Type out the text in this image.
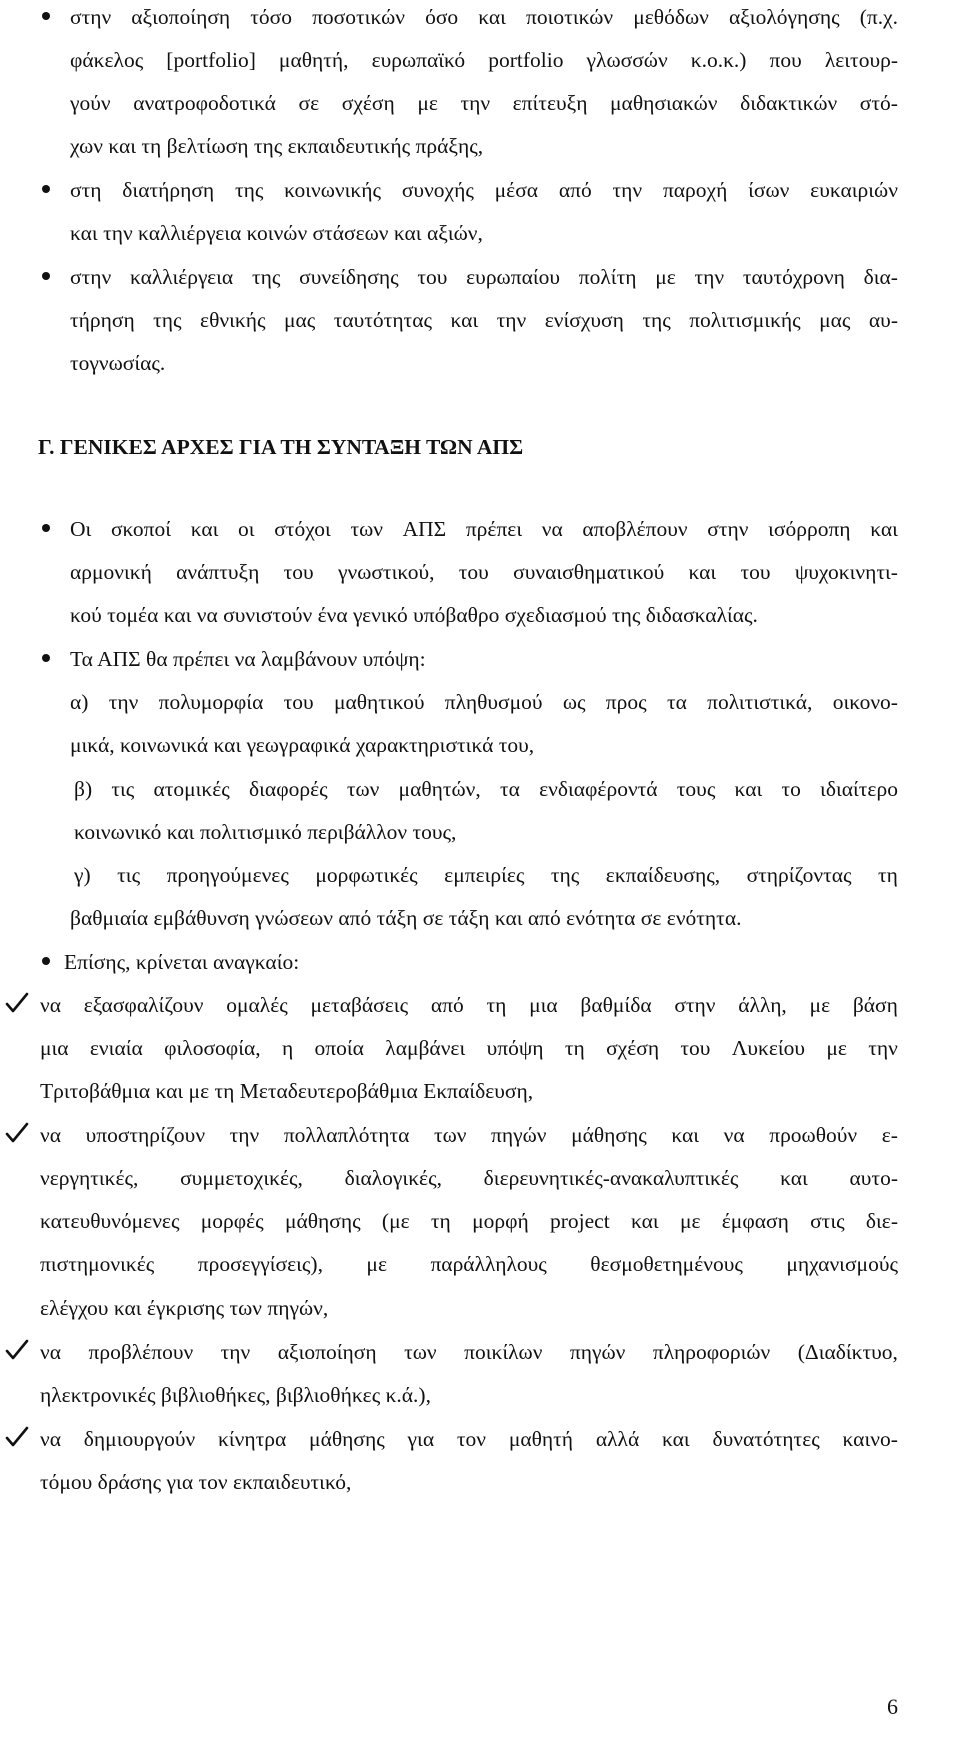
στην αξιοποίηση τόσο ποσοτικών όσο και ποιοτικών μεθόδων αξιολόγησης (π.χ.
φάκελος [portfolio] μαθητή, ευρωπαϊκό portfolio γλωσσών κ.ο.κ.) που λειτουρ-
γούν ανατροφοδοτικά σε σχέση με την επίτευξη μαθησιακών διδακτικών στό-
χων και τη βελτίωση της εκπαιδευτικής πράξης,
στη διατήρηση της κοινωνικής συνοχής μέσα από την παροχή ίσων ευκαιριών
και την καλλιέργεια κοινών στάσεων και αξιών,
στην καλλιέργεια της συνείδησης του ευρωπαίου πολίτη με την ταυτόχρονη δια-
τήρηση της εθνικής μας ταυτότητας και την ενίσχυση της πολιτισμικής μας αυ-
τογνωσίας.
Γ. ΓΕΝΙΚΕΣ ΑΡΧΕΣ ΓΙΑ ΤΗ ΣΥΝΤΑΞΗ ΤΩΝ ΑΠΣ
Οι σκοποί και οι στόχοι των ΑΠΣ πρέπει να αποβλέπουν στην ισόρροπη και
αρμονική ανάπτυξη του γνωστικού, του συναισθηματικού και του ψυχοκινητι-
κού τομέα και να συνιστούν ένα γενικό υπόβαθρο σχεδιασμού της διδασκαλίας.
Τα ΑΠΣ θα πρέπει να λαμβάνουν υπόψη:
α) την πολυμορφία του μαθητικού πληθυσμού ως προς τα πολιτιστικά, οικονο-
μικά, κοινωνικά και γεωγραφικά χαρακτηριστικά του,
β) τις ατομικές διαφορές των μαθητών, τα ενδιαφέροντά τους και το ιδιαίτερο
κοινωνικό και πολιτισμικό περιβάλλον τους,
γ) τις προηγούμενες μορφωτικές εμπειρίες της εκπαίδευσης, στηρίζοντας τη
βαθμιαία εμβάθυνση γνώσεων από τάξη σε τάξη και από ενότητα σε ενότητα.
Επίσης, κρίνεται αναγκαίο:
να εξασφαλίζουν ομαλές μεταβάσεις από τη μια βαθμίδα στην άλλη, με βάση
μια ενιαία φιλοσοφία, η οποία λαμβάνει υπόψη τη σχέση του Λυκείου με την
Τριτοβάθμια και με τη Μεταδευτεροβάθμια Εκπαίδευση,
να υποστηρίζουν την πολλαπλότητα των πηγών μάθησης και να προωθούν ε-
νεργητικές, συμμετοχικές, διαλογικές, διερευνητικές-ανακαλυπτικές και αυτο-
κατευθυνόμενες μορφές μάθησης (με τη μορφή project και με έμφαση στις διε-
πιστημονικές προσεγγίσεις), με παράλληλους θεσμοθετημένους μηχανισμούς
ελέγχου και έγκρισης των πηγών,
να προβλέπουν την αξιοποίηση των ποικίλων πηγών πληροφοριών (Διαδίκτυο,
ηλεκτρονικές βιβλιοθήκες, βιβλιοθήκες κ.ά.),
να δημιουργούν κίνητρα μάθησης για τον μαθητή αλλά και δυνατότητες καινο-
τόμου δράσης για τον εκπαιδευτικό,
6
